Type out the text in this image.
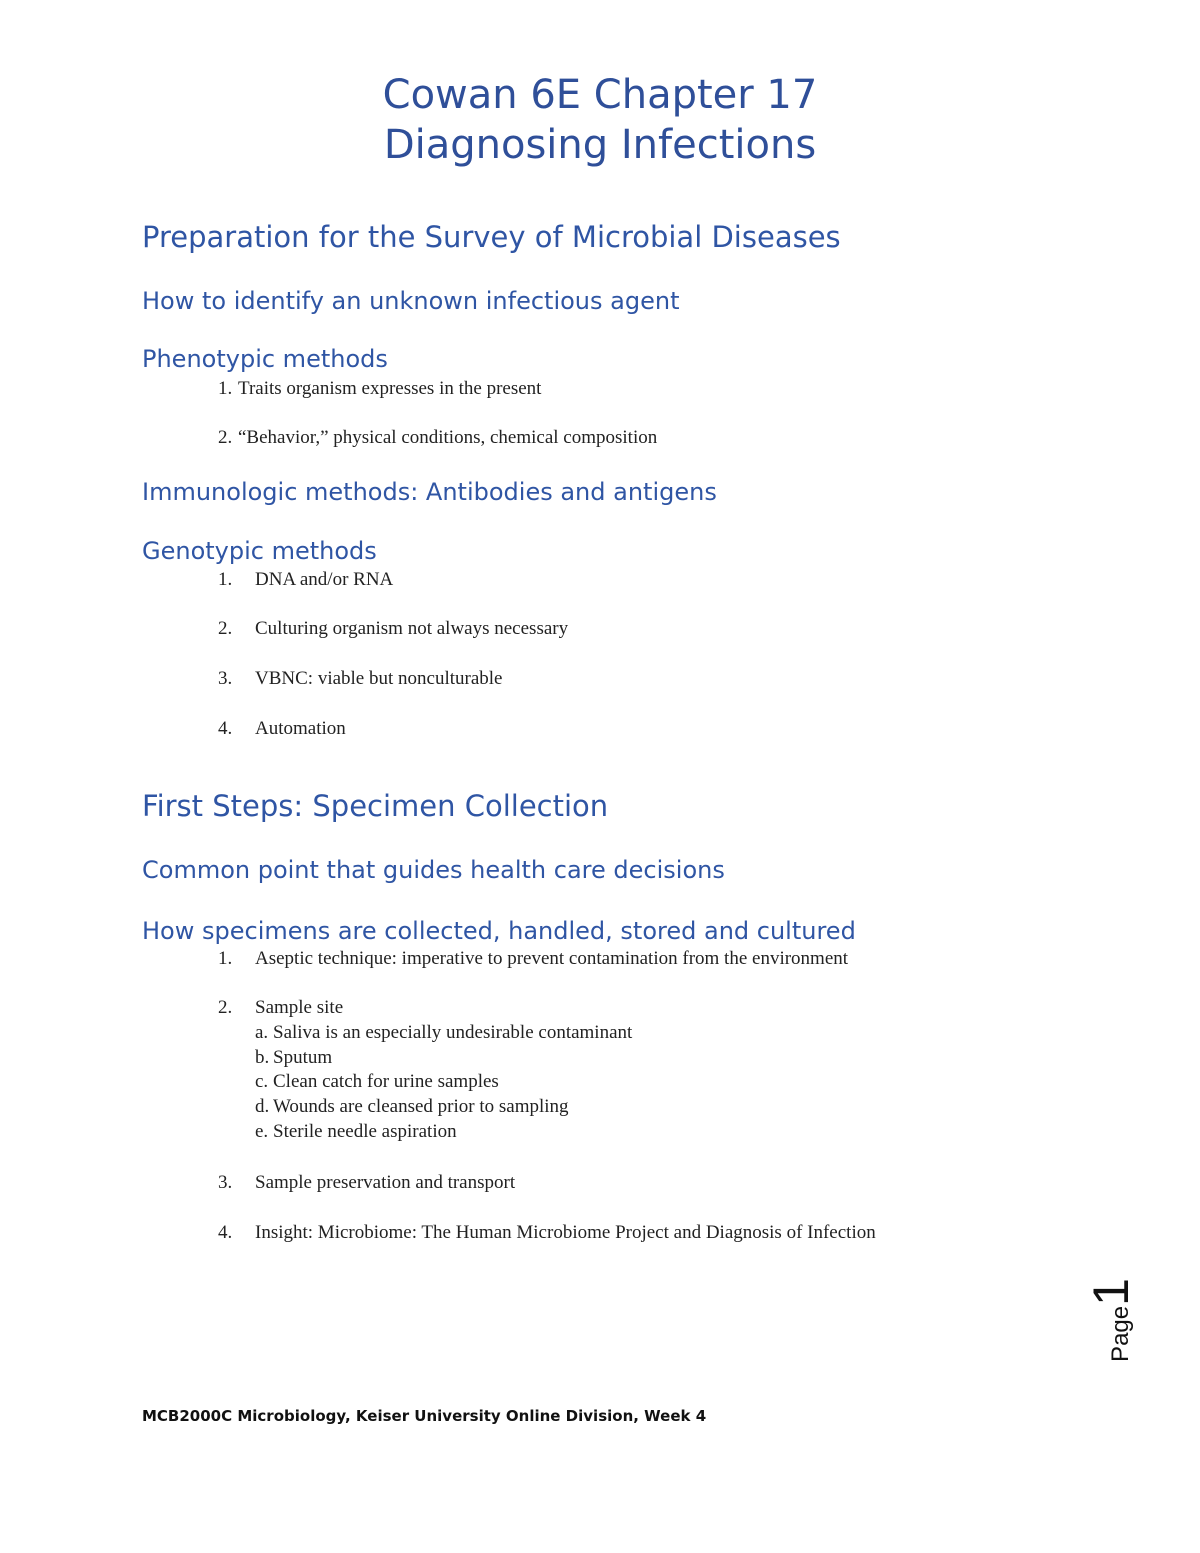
Cowan 6E Chapter 17
Diagnosing Infections
Preparation for the Survey of Microbial Diseases
How to identify an unknown infectious agent
Phenotypic methods
1. Traits organism expresses in the present
2. “Behavior,” physical conditions, chemical composition
Immunologic methods: Antibodies and antigens
Genotypic methods
1. DNA and/or RNA
2. Culturing organism not always necessary
3. VBNC: viable but nonculturable
4. Automation
First Steps: Specimen Collection
Common point that guides health care decisions
How specimens are collected, handled, stored and cultured
1. Aseptic technique: imperative to prevent contamination from the environment
2. Sample site
a. Saliva is an especially undesirable contaminant
b. Sputum
c. Clean catch for urine samples
d. Wounds are cleansed prior to sampling
e. Sterile needle aspiration
3. Sample preservation and transport
4. Insight: Microbiome: The Human Microbiome Project and Diagnosis of Infection
Page
1
MCB2000C Microbiology, Keiser University Online Division, Week 4
